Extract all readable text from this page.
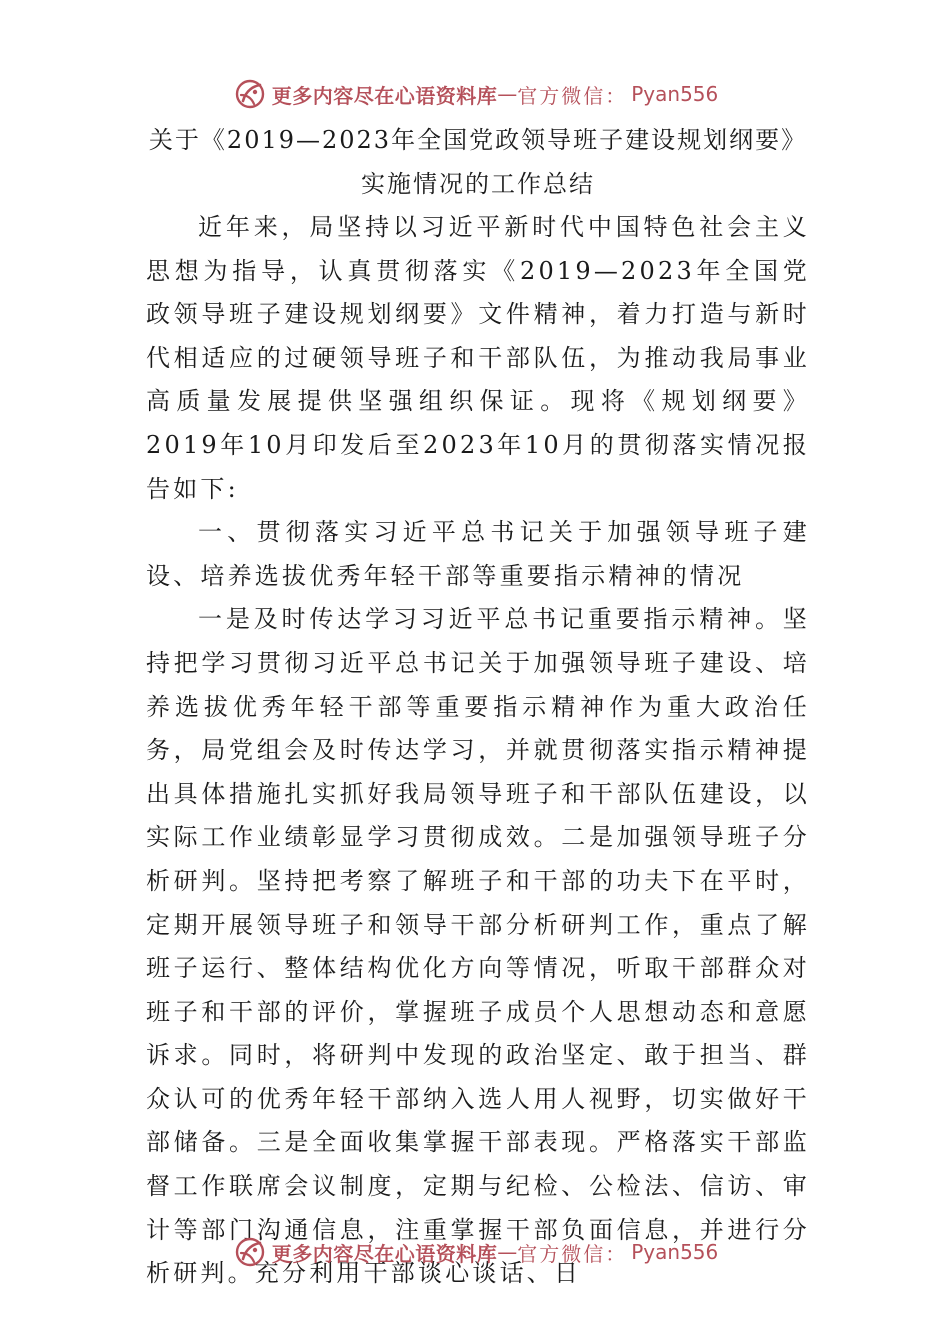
更多内容尽在心语资料库 — 官方微信： Pyan556
关于《2019—2023年全国党政领导班子建设规划纲要》实施情况的工作总结

近年来，局坚持以习近平新时代中国特色社会主义思想为指导，认真贯彻落实《2019—2023年全国党政领导班子建设规划纲要》文件精神，着力打造与新时代相适应的过硬领导班子和干部队伍，为推动我局事业高质量发展提供坚强组织保证。现将《规划纲要》2019年10月印发后至2023年10月的贯彻落实情况报告如下:

一、贯彻落实习近平总书记关于加强领导班子建设、培养选拔优秀年轻干部等重要指示精神的情况

一是及时传达学习习近平总书记重要指示精神。坚持把学习贯彻习近平总书记关于加强领导班子建设、培养选拔优秀年轻干部等重要指示精神作为重大政治任务，局党组会及时传达学习，并就贯彻落实指示精神提出具体措施扎实抓好我局领导班子和干部队伍建设，以实际工作业绩彰显学习贯彻成效。二是加强领导班子分析研判。坚持把考察了解班子和干部的功夫下在平时，定期开展领导班子和领导干部分析研判工作，重点了解班子运行、整体结构优化方向等情况，听取干部群众对班子和干部的评价，掌握班子成员个人思想动态和意愿诉求。同时，将研判中发现的政治坚定、敢于担当、群众认可的优秀年轻干部纳入选人用人视野，切实做好干部储备。三是全面收集掌握干部表现。严格落实干部监督工作联席会议制度，定期与纪检、公检法、信访、审计等部门沟通信息，注重掌握干部负面信息，并进行分析研判。充分利用干部谈心谈话、日

更多内容尽在心语资料库 — 官方微信： Pyan556
